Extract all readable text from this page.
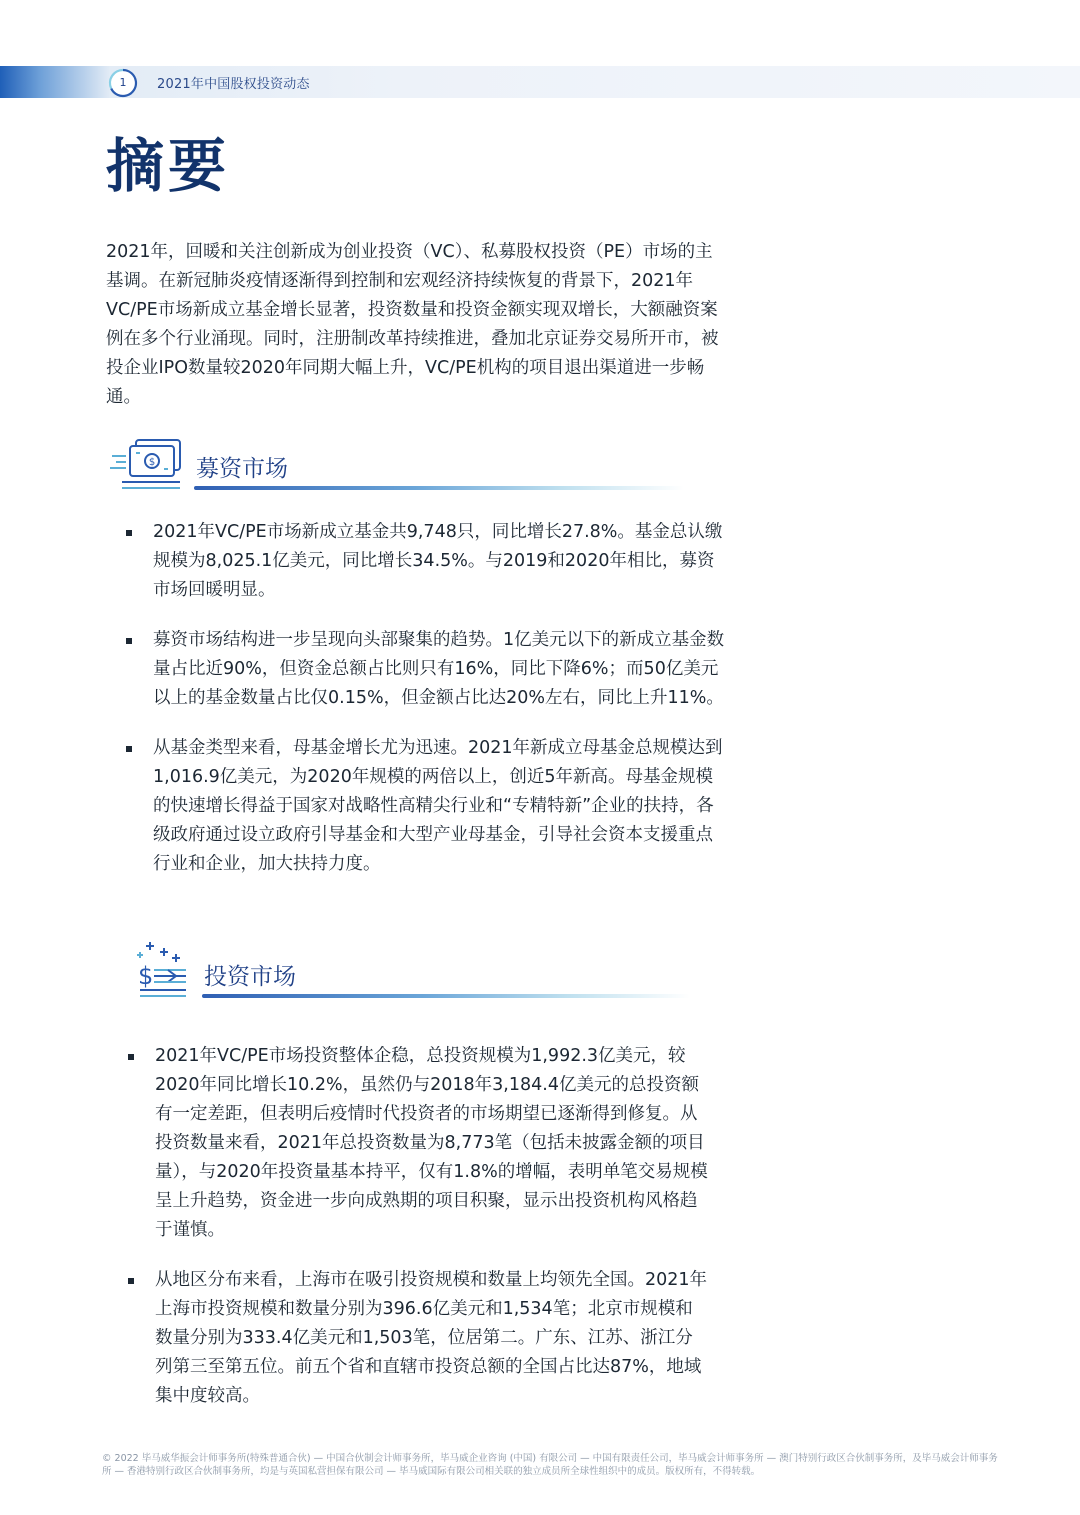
1	2021年中国股权投资动态
摘要

2021年，回暖和关注创新成为创业投资（VC）、私募股权投资（PE）市场的主基调。在新冠肺炎疫情逐渐得到控制和宏观经济持续恢复的背景下，2021年VC/PE市场新成立基金增长显著，投资数量和投资金额实现双增长，大额融资案例在多个行业涌现。同时，注册制改革持续推进，叠加北京证券交易所开市，被投企业IPO数量较2020年同期大幅上升，VC/PE机构的项目退出渠道进一步畅通。

$ 募资市场
2021年VC/PE市场新成立基金共9,748只，同比增长27.8%。基金总认缴规模为8,025.1亿美元，同比增长34.5%。与2019和2020年相比，募资市场回暖明显。
募资市场结构进一步呈现向头部聚集的趋势。1亿美元以下的新成立基金数量占比近90%，但资金总额占比则只有16%，同比下降6%；而50亿美元以上的基金数量占比仅0.15%，但金额占比达20%左右，同比上升11%。
从基金类型来看，母基金增长尤为迅速。2021年新成立母基金总规模达到1,016.9亿美元，为2020年规模的两倍以上，创近5年新高。母基金规模的快速增长得益于国家对战略性高精尖行业和“专精特新”企业的扶持，各级政府通过设立政府引导基金和大型产业母基金，引导社会资本支援重点行业和企业，加大扶持力度。
$ 投资市场
2021年VC/PE市场投资整体企稳，总投资规模为1,992.3亿美元，较2020年同比增长10.2%，虽然仍与2018年3,184.4亿美元的总投资额有一定差距，但表明后疫情时代投资者的市场期望已逐渐得到修复。从投资数量来看，2021年总投资数量为8,773笔（包括未披露金额的项目量），与2020年投资量基本持平，仅有1.8%的增幅，表明单笔交易规模呈上升趋势，资金进一步向成熟期的项目积聚，显示出投资机构风格趋于谨慎。
从地区分布来看，上海市在吸引投资规模和数量上均领先全国。2021年上海市投资规模和数量分别为396.6亿美元和1,534笔；北京市规模和数量分别为333.4亿美元和1,503笔，位居第二。广东、江苏、浙江分列第三至第五位。前五个省和直辖市投资总额的全国占比达87%，地域集中度较高。

© 2022 毕马威华振会计师事务所(特殊普通合伙) — 中国合伙制会计师事务所，毕马威企业咨询 (中国) 有限公司 — 中国有限责任公司，毕马威会计师事务所 — 澳门特别行政区合伙制事务所，及毕马威会计师事务所 — 香港特别行政区合伙制事务所，均是与英国私营担保有限公司 — 毕马威国际有限公司相关联的独立成员所全球性组织中的成员。版权所有，不得转载。
